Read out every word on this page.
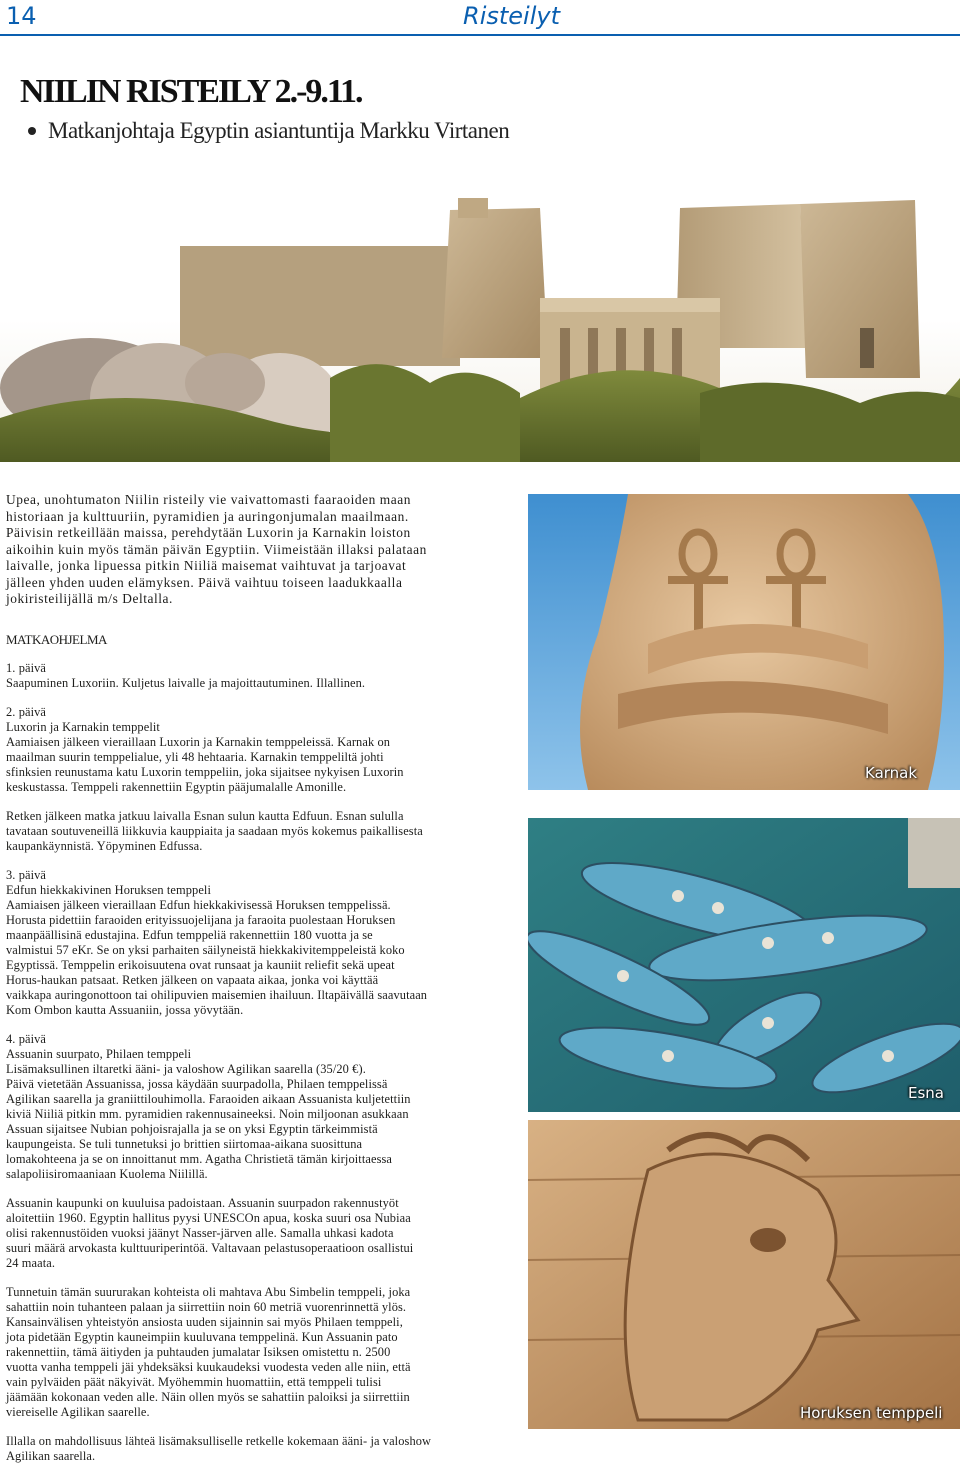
14	Risteilyt
NIILIN RISTEILY 2.-9.11.
Matkanjohtaja Egyptin asiantuntija Markku Virtanen
Upea, unohtumaton Niilin risteily vie vaivattomasti faaraoiden maan
historiaan ja kulttuuriin, pyramidien ja auringonjumalan maailmaan.
Päivisin retkeillään maissa, perehdytään Luxorin ja Karnakin loiston
aikoihin kuin myös tämän päivän Egyptiin. Viimeistään illaksi palataan
laivalle, jonka lipuessa pitkin Niiliä maisemat vaihtuvat ja tarjoavat
jälleen yhden uuden elämyksen. Päivä vaihtuu toiseen laadukkaalla
jokiristeilijällä m/s Deltalla.

MATKAOHJELMA

1. päivä
Saapuminen Luxoriin. Kuljetus laivalle ja majoittautuminen. Illallinen.
2. päivä
Luxorin ja Karnakin temppelit
Aamiaisen jälkeen vieraillaan Luxorin ja Karnakin temppeleissä. Karnak on
maailman suurin temppelialue, yli 48 hehtaaria. Karnakin temppeliltä johti
sfinksien reunustama katu Luxorin temppeliin, joka sijaitsee nykyisen Luxorin
keskustassa. Temppeli rakennettiin Egyptin pääjumalalle Amonille.
Retken jälkeen matka jatkuu laivalla Esnan sulun kautta Edfuun. Esnan sululla
tavataan soutuveneillä liikkuvia kauppiaita ja saadaan myös kokemus paikallisesta
kaupankäynnistä. Yöpyminen Edfussa.
3. päivä
Edfun hiekkakivinen Horuksen temppeli
Aamiaisen jälkeen vieraillaan Edfun hiekkakivisessä Horuksen temppelissä.
Horusta pidettiin faraoiden erityissuojelijana ja faraoita puolestaan Horuksen
maanpäällisinä edustajina. Edfun temppeliä rakennettiin 180 vuotta ja se
valmistui 57 eKr. Se on yksi parhaiten säilyneistä hiekkakivitemppeleistä koko
Egyptissä. Temppelin erikoisuutena ovat runsaat ja kauniit reliefit sekä upeat
Horus-haukan patsaat. Retken jälkeen on vapaata aikaa, jonka voi käyttää
vaikkapa auringonottoon tai ohilipuvien maisemien ihailuun. Iltapäivällä saavutaan
Kom Ombon kautta Assuaniin, jossa yövytään.
4. päivä
Assuanin suurpato, Philaen temppeli
Lisämaksullinen iltaretki ääni- ja valoshow Agilikan saarella (35/20 €).
Päivä vietetään Assuanissa, jossa käydään suurpadolla, Philaen temppelissä
Agilikan saarella ja graniittilouhimolla. Faraoiden aikaan Assuanista kuljetettiin
kiviä Niiliä pitkin mm. pyramidien rakennusaineeksi. Noin miljoonan asukkaan
Assuan sijaitsee Nubian pohjoisrajalla ja se on yksi Egyptin tärkeimmistä
kaupungeista. Se tuli tunnetuksi jo brittien siirtomaa-aikana suosittuna
lomakohteena ja se on innoittanut mm. Agatha Christietä tämän kirjoittaessa
salapoliisiromaaniaan Kuolema Niilillä.
Assuanin kaupunki on kuuluisa padoistaan. Assuanin suurpadon rakennustyöt
aloitettiin 1960. Egyptin hallitus pyysi UNESCOn apua, koska suuri osa Nubiaa
olisi rakennustöiden vuoksi jäänyt Nasser-järven alle. Samalla uhkasi kadota
suuri määrä arvokasta kulttuuriperintöä. Valtavaan pelastusoperaatioon osallistui
24 maata.
Tunnetuin tämän suururakan kohteista oli mahtava Abu Simbelin temppeli, joka
sahattiin noin tuhanteen palaan ja siirrettiin noin 60 metriä vuorenrinnettä ylös.
Kansainvälisen yhteistyön ansiosta uuden sijainnin sai myös Philaen temppeli,
jota pidetään Egyptin kauneimpiin kuuluvana temppelinä. Kun Assuanin pato
rakennettiin, tämä äitiyden ja puhtauden jumalatar Isiksen omistettu n. 2500
vuotta vanha temppeli jäi yhdeksäksi kuukaudeksi vuodesta veden alle niin, että
vain pylväiden päät näkyivät. Myöhemmin huomattiin, että temppeli tulisi
jäämään kokonaan veden alle. Näin ollen myös se sahattiin paloiksi ja siirrettiin
viereiselle Agilikan saarelle.
Illalla on mahdollisuus lähteä lisämaksulliselle retkelle kokemaan ääni- ja valoshow
Agilikan saarella.
Karnak
Esna
Horuksen temppeli
